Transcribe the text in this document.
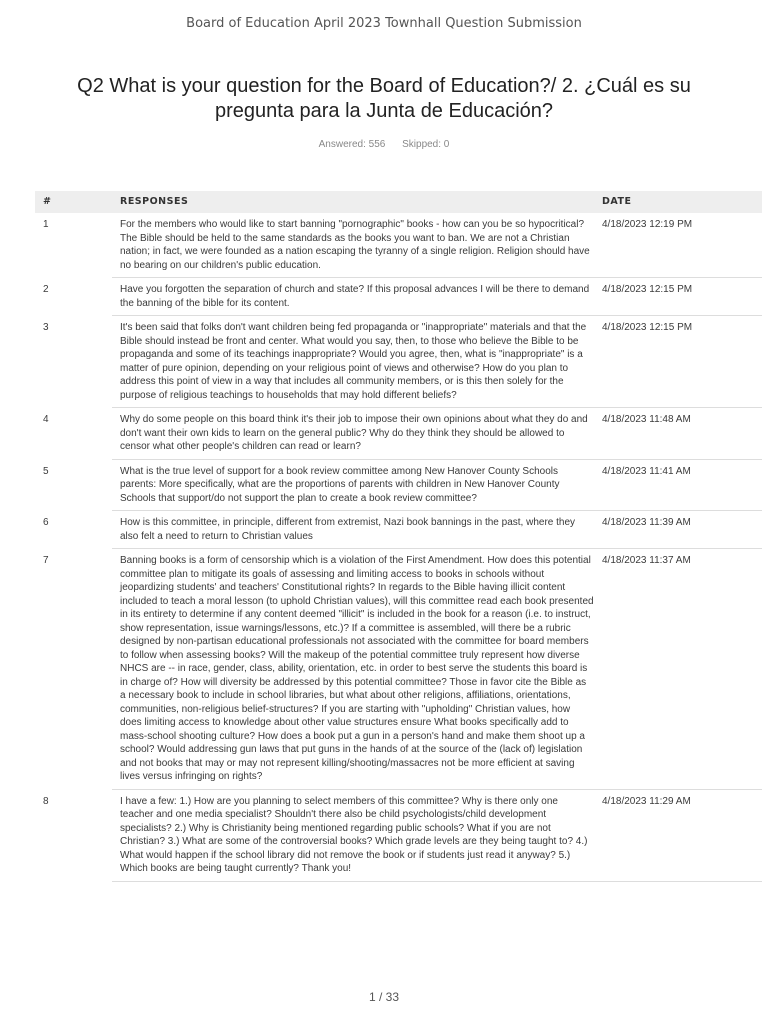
Board of Education April 2023 Townhall Question Submission
Q2 What is your question for the Board of Education?/ 2. ¿Cuál es su pregunta para la Junta de Educación?
Answered: 556 Skipped: 0
#	RESPONSES	DATE
1	For the members who would like to start banning "pornographic" books - how can you be so hypocritical? The Bible should be held to the same standards as the books you want to ban. We are not a Christian nation; in fact, we were founded as a nation escaping the tyranny of a single religion. Religion should have no bearing on our children's public education.	4/18/2023 12:19 PM
2	Have you forgotten the separation of church and state? If this proposal advances I will be there to demand the banning of the bible for its content.	4/18/2023 12:15 PM
3	It's been said that folks don't want children being fed propaganda or "inappropriate" materials and that the Bible should instead be front and center. What would you say, then, to those who believe the Bible to be propaganda and some of its teachings inappropriate? Would you agree, then, what is "inappropriate" is a matter of pure opinion, depending on your religious point of views and otherwise? How do you plan to address this point of view in a way that includes all community members, or is this then solely for the purpose of religious teachings to households that may hold different beliefs?	4/18/2023 12:15 PM
4	Why do some people on this board think it's their job to impose their own opinions about what they do and don't want their own kids to learn on the general public? Why do they think they should be allowed to censor what other people's children can read or learn?	4/18/2023 11:48 AM
5	What is the true level of support for a book review committee among New Hanover County Schools parents: More specifically, what are the proportions of parents with children in New Hanover County Schools that support/do not support the plan to create a book review committee?	4/18/2023 11:41 AM
6	How is this committee, in principle, different from extremist, Nazi book bannings in the past, where they also felt a need to return to Christian values	4/18/2023 11:39 AM
7	Banning books is a form of censorship which is a violation of the First Amendment. How does this potential committee plan to mitigate its goals of assessing and limiting access to books in schools without jeopardizing students' and teachers' Constitutional rights? In regards to the Bible having illicit content included to teach a moral lesson (to uphold Christian values), will this committee read each book presented in its entirety to determine if any content deemed "illicit" is included in the book for a reason (i.e. to instruct, show representation, issue warnings/lessons, etc.)? If a committee is assembled, will there be a rubric designed by non-partisan educational professionals not associated with the committee for board members to follow when assessing books? Will the makeup of the potential committee truly represent how diverse NHCS are -- in race, gender, class, ability, orientation, etc. in order to best serve the students this board is in charge of? How will diversity be addressed by this potential committee? Those in favor cite the Bible as a necessary book to include in school libraries, but what about other religions, affiliations, orientations, communities, non-religious belief-structures? If you are starting with "upholding" Christian values, how does limiting access to knowledge about other value structures ensure What books specifically add to mass-school shooting culture? How does a book put a gun in a person's hand and make them shoot up a school? Would addressing gun laws that put guns in the hands of at the source of the (lack of) legislation and not books that may or may not represent killing/shooting/massacres not be more efficient at saving lives versus infringing on rights?	4/18/2023 11:37 AM
8	I have a few: 1.) How are you planning to select members of this committee? Why is there only one teacher and one media specialist? Shouldn't there also be child psychologists/child development specialists? 2.) Why is Christianity being mentioned regarding public schools? What if you are not Christian? 3.) What are some of the controversial books? Which grade levels are they being taught to? 4.) What would happen if the school library did not remove the book or if students just read it anyway? 5.) Which books are being taught currently? Thank you!	4/18/2023 11:29 AM
1 / 33
